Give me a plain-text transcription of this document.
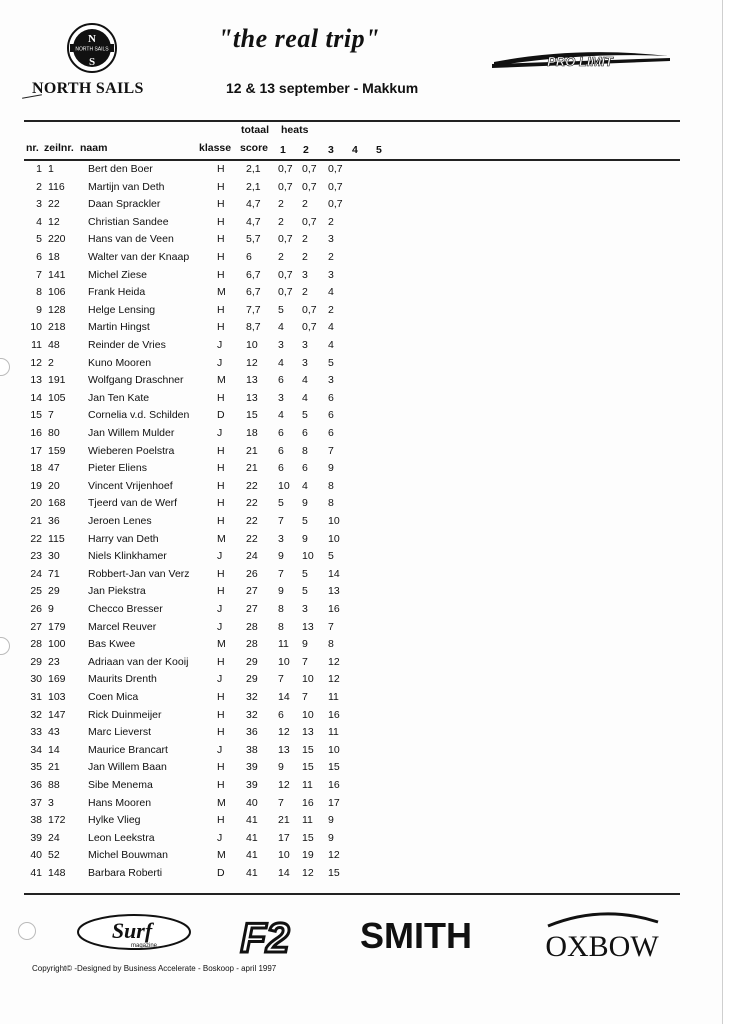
NORTH SAILS
N
S
NORTH SAILS
"the real trip"
12 & 13 september - Makkum
PRO LIMIT
nr. zeilnr. naam	klasse
totaal
score
heats
1 2 3 4 5
1 1	Bert den Boer	H 2,1 0,7 0,7 0,7
2 116 Martijn van Deth	H 2,1 0,7 0,7 0,7
3 22	Daan Sprackler	H 4,7 2 2 0,7
4 12	Christian Sandee	H 4,7 2 0,7 2
5 220 Hans van de Veen	H 5,7 0,7 2 3
6 18	Walter van der Knaap	H 6 2 2 2
7 141 Michel Ziese	H 6,7 0,7 3 3
8 106 Frank Heida	M 6,7 0,7 2 4
9 128 Helge Lensing	H 7,7 5 0,7 2
10 218 Martin Hingst	H 8,7 4 0,7 4
11 48	Reinder de Vries	J 10 3 3 4
12 2	Kuno Mooren	J 12 4 3 5
13 191 Wolfgang Draschner	M 13 6 4 3
14 105 Jan Ten Kate	H 13 3 4 6
15 7	Cornelia v.d. Schilden	D 15 4 5 6
16 80	Jan Willem Mulder	J 18 6 6 6
17 159 Wieberen Poelstra	H 21 6 8 7
18 47	Pieter Eliens	H 21 6 6 9
19 20	Vincent Vrijenhoef	H 22 10 4 8
20 168 Tjeerd van de Werf	H 22 5 9 8
21 36	Jeroen Lenes	H 22 7 5 10
22 115 Harry van Deth	M 22 3 9 10
23 30	Niels Klinkhamer	J 24 9 10 5
24 71	Robbert-Jan van Verz	H 26 7 5 14
25 29	Jan Piekstra	H 27 9 5 13
26 9	Checco Bresser	J 27 8 3 16
27 179 Marcel Reuver	J 28 8 13 7
28 100 Bas Kwee	M 28 11 9 8
29 23	Adriaan van der Kooij	H 29 10 7 12
30 169 Maurits Drenth	J 29 7 10 12
31 103 Coen Mica	H 32 14 7 11
32 147 Rick Duinmeijer	H 32 6 10 16
33 43	Marc Lieverst	H 36 12 13 11
34 14	Maurice Brancart	J 38 13 15 10
35 21	Jan Willem Baan	H 39 9 15 15
36 88	Sibe Menema	H 39 12 11 16
37 3	Hans Mooren	M 40 7 16 17
38 172 Hylke Vlieg	H 41 21 11 9
39 24	Leon Leekstra	J 41 17 15 9
40 52	Michel Bouwman	M 41 10 19 12
41 148 Barbara Roberti	D 41 14 12 15
Surf
magazine F2 SMITH OXBOW
Copyright© -Designed by Business Accelerate - Boskoop - april 1997
